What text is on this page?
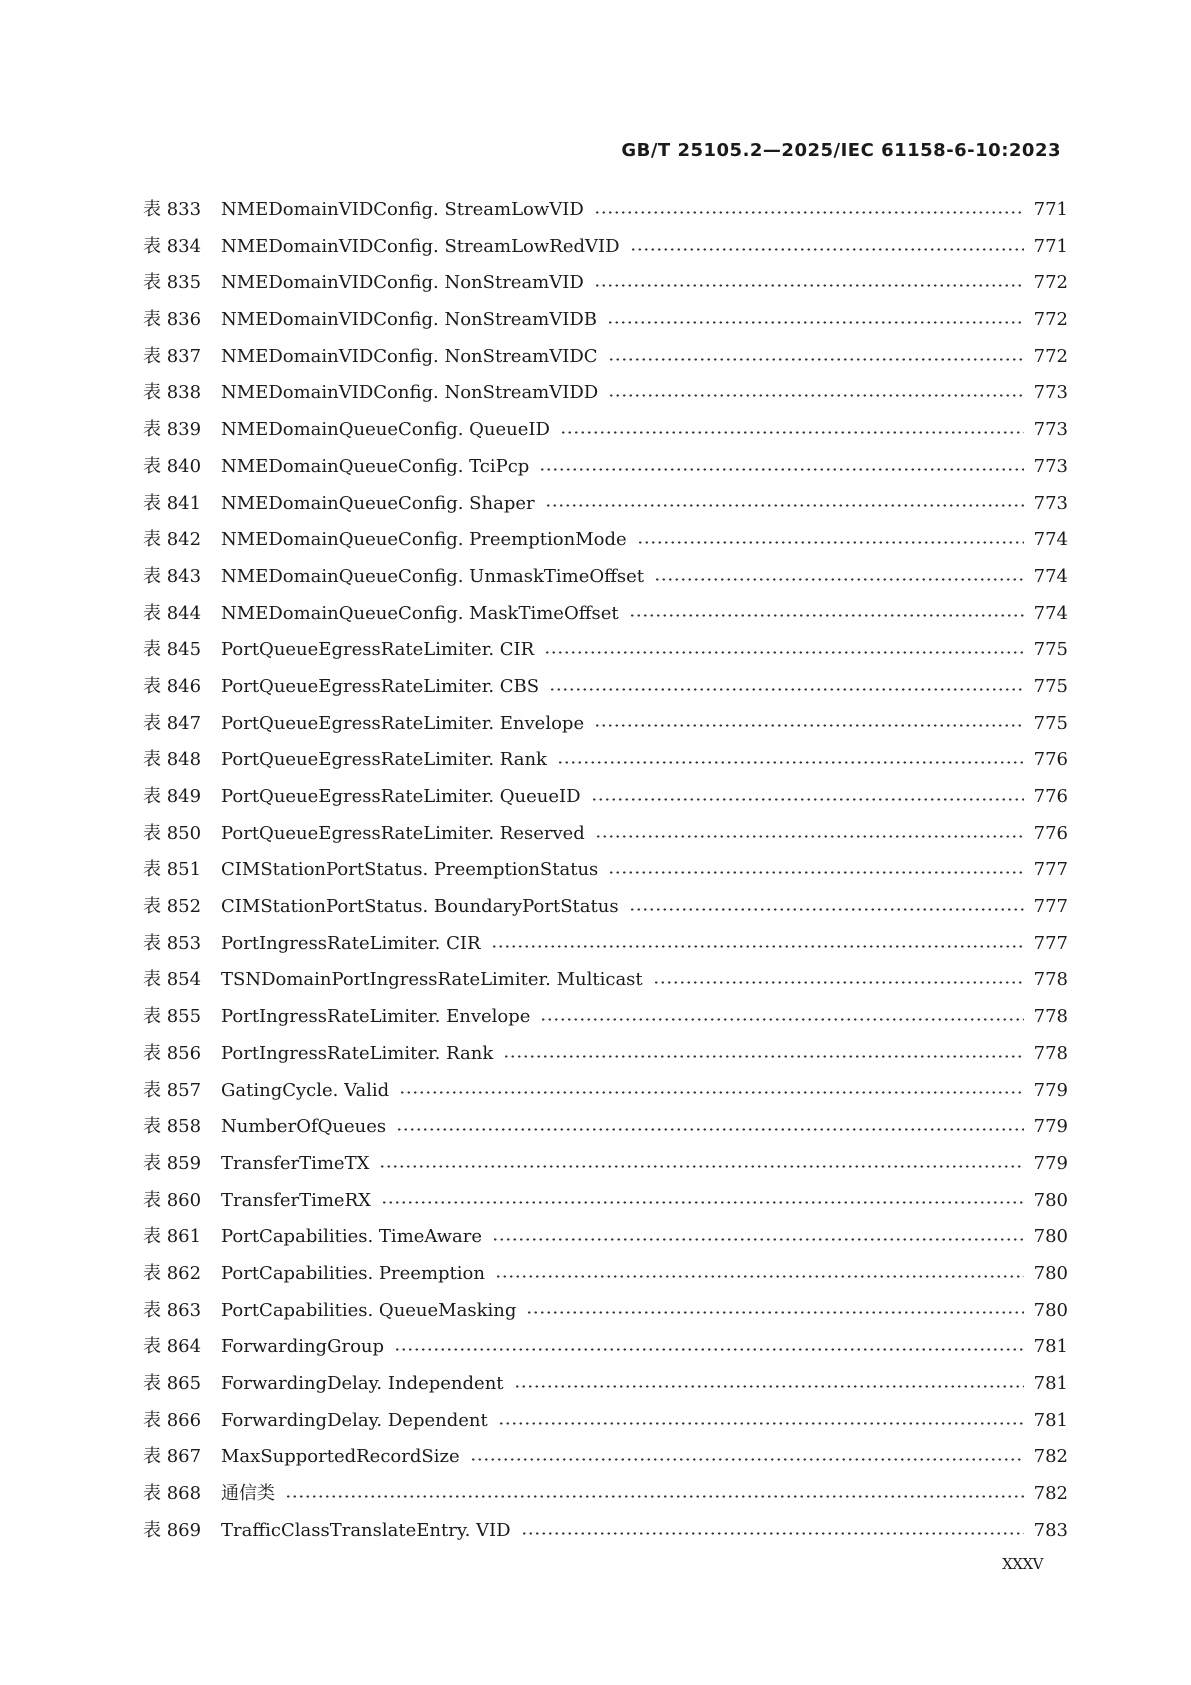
GB/T 25105.2—2025/IEC 61158-6-10:2023
表 833	NMEDomainVIDConfig. StreamLowVID	771
表 834	NMEDomainVIDConfig. StreamLowRedVID	771
表 835	NMEDomainVIDConfig. NonStreamVID	772
表 836	NMEDomainVIDConfig. NonStreamVIDB	772
表 837	NMEDomainVIDConfig. NonStreamVIDC	772
表 838	NMEDomainVIDConfig. NonStreamVIDD	773
表 839	NMEDomainQueueConfig. QueueID	773
表 840	NMEDomainQueueConfig. TciPcp	773
表 841	NMEDomainQueueConfig. Shaper	773
表 842	NMEDomainQueueConfig. PreemptionMode	774
表 843	NMEDomainQueueConfig. UnmaskTimeOffset	774
表 844	NMEDomainQueueConfig. MaskTimeOffset	774
表 845	PortQueueEgressRateLimiter. CIR	775
表 846	PortQueueEgressRateLimiter. CBS	775
表 847	PortQueueEgressRateLimiter. Envelope	775
表 848	PortQueueEgressRateLimiter. Rank	776
表 849	PortQueueEgressRateLimiter. QueueID	776
表 850	PortQueueEgressRateLimiter. Reserved	776
表 851	CIMStationPortStatus. PreemptionStatus	777
表 852	CIMStationPortStatus. BoundaryPortStatus	777
表 853	PortIngressRateLimiter. CIR	777
表 854	TSNDomainPortIngressRateLimiter. Multicast	778
表 855	PortIngressRateLimiter. Envelope	778
表 856	PortIngressRateLimiter. Rank	778
表 857	GatingCycle. Valid	779
表 858	NumberOfQueues	779
表 859	TransferTimeTX	779
表 860	TransferTimeRX	780
表 861	PortCapabilities. TimeAware	780
表 862	PortCapabilities. Preemption	780
表 863	PortCapabilities. QueueMasking	780
表 864	ForwardingGroup	781
表 865	ForwardingDelay. Independent	781
表 866	ForwardingDelay. Dependent	781
表 867	MaxSupportedRecordSize	782
表 868	通信类	782
表 869	TrafficClassTranslateEntry. VID	783
XXXV
